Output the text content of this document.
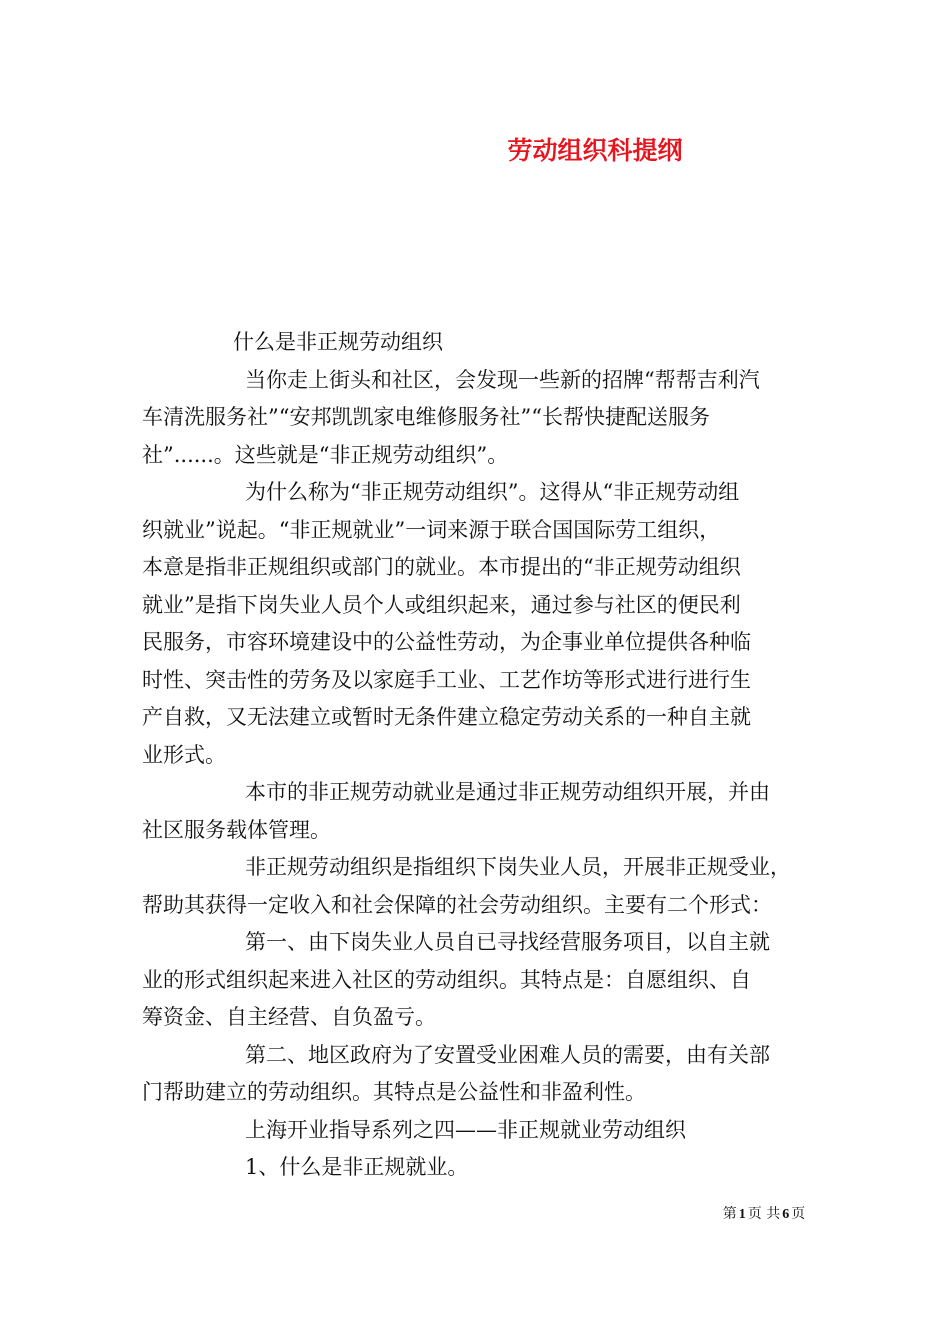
劳动组织科提纲

什么是非正规劳动组织

当你走上街头和社区，会发现一些新的招牌“帮帮吉利汽
车清洗服务社”“安邦凯凯家电维修服务社”“长帮快捷配送服务
社”......。这些就是“非正规劳动组织”。

为什么称为“非正规劳动组织”。这得从“非正规劳动组
织就业”说起。“非正规就业”一词来源于联合国国际劳工组织，
本意是指非正规组织或部门的就业。本市提出的“非正规劳动组织
就业”是指下岗失业人员个人或组织起来，通过参与社区的便民利
民服务，市容环境建设中的公益性劳动，为企事业单位提供各种临
时性、突击性的劳务及以家庭手工业、工艺作坊等形式进行进行生
产自救，又无法建立或暂时无条件建立稳定劳动关系的一种自主就
业形式。

本市的非正规劳动就业是通过非正规劳动组织开展，并由
社区服务载体管理。

非正规劳动组织是指组织下岗失业人员，开展非正规受业，
帮助其获得一定收入和社会保障的社会劳动组织。主要有二个形式：

第一、由下岗失业人员自已寻找经营服务项目，以自主就
业的形式组织起来进入社区的劳动组织。其特点是：自愿组织、自
筹资金、自主经营、自负盈亏。

第二、地区政府为了安置受业困难人员的需要，由有关部
门帮助建立的劳动组织。其特点是公益性和非盈利性。

上海开业指导系列之四——非正规就业劳动组织

1、什么是非正规就业。

第 1 页 共 6 页
